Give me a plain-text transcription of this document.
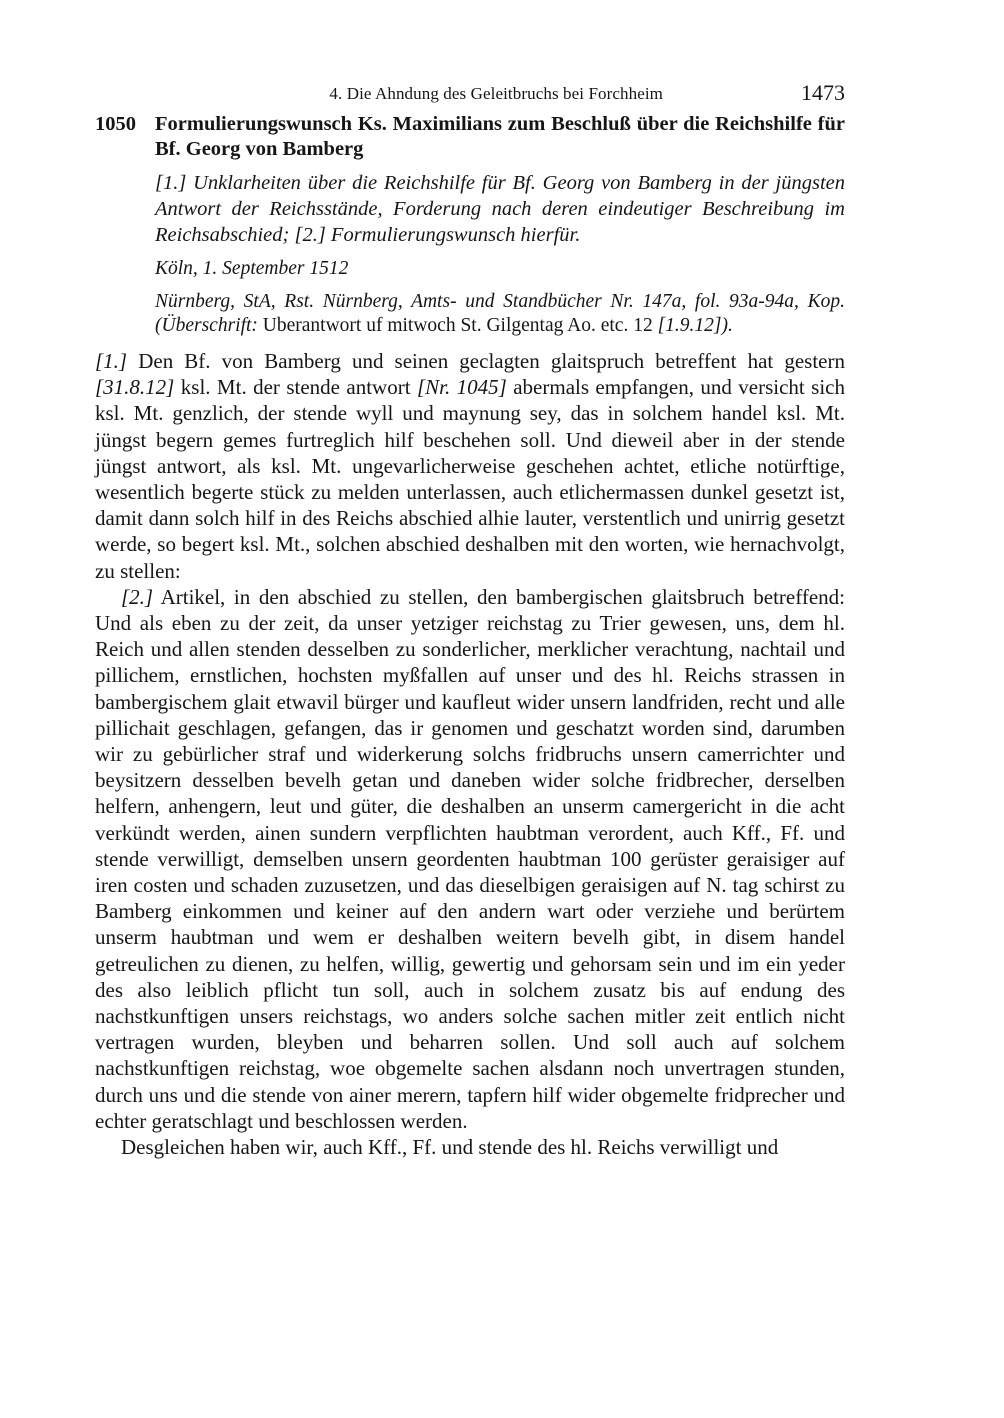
4. Die Ahndung des Geleitbruchs bei Forchheim	1473
1050 Formulierungswunsch Ks. Maximilians zum Beschluß über die Reichshilfe für Bf. Georg von Bamberg

[1.] Unklarheiten über die Reichshilfe für Bf. Georg von Bamberg in der jüngsten Antwort der Reichsstände, Forderung nach deren eindeutiger Beschreibung im Reichsabschied; [2.] Formulierungswunsch hierfür.

Köln, 1. September 1512

Nürnberg, StA, Rst. Nürnberg, Amts- und Standbücher Nr. 147a, fol. 93a-94a, Kop. (Überschrift: Uberantwort uf mitwoch St. Gilgentag Ao. etc. 12 [1.9.12]).

[1.] Den Bf. von Bamberg und seinen geclagten glaitspruch betreffent hat gestern [31.8.12] ksl. Mt. der stende antwort [Nr. 1045] abermals empfangen, und versicht sich ksl. Mt. genzlich, der stende wyll und maynung sey, das in solchem handel ksl. Mt. jüngst begern gemes furtreglich hilf beschehen soll. Und dieweil aber in der stende jüngst antwort, als ksl. Mt. ungevarlicherweise geschehen achtet, etliche notürftige, wesentlich begerte stück zu melden unterlassen, auch etlichermassen dunkel gesetzt ist, damit dann solch hilf in des Reichs abschied alhie lauter, verstentlich und unirrig gesetzt werde, so begert ksl. Mt., solchen abschied deshalben mit den worten, wie hernachvolgt, zu stellen:

[2.] Artikel, in den abschied zu stellen, den bambergischen glaitsbruch betreffend: Und als eben zu der zeit, da unser yetziger reichstag zu Trier gewesen, uns, dem hl. Reich und allen stenden desselben zu sonderlicher, merklicher verachtung, nachtail und pillichem, ernstlichen, hochsten myßfallen auf unser und des hl. Reichs strassen in bambergischem glait etwavil bürger und kaufleut wider unsern landfriden, recht und alle pillichait geschlagen, gefangen, das ir genomen und geschatzt worden sind, darumben wir zu gebürlicher straf und widerkerung solchs fridbruchs unsern camerrichter und beysitzern desselben bevelh getan und daneben wider solche fridbrecher, derselben helfern, anhengern, leut und güter, die deshalben an unserm camergericht in die acht verkündt werden, ainen sundern verpflichten haubtman verordent, auch Kff., Ff. und stende verwilligt, demselben unsern geordenten haubtman 100 gerüster geraisiger auf iren costen und schaden zuzusetzen, und das dieselbigen geraisigen auf N. tag schirst zu Bamberg einkommen und keiner auf den andern wart oder verziehe und berürtem unserm haubtman und wem er deshalben weitern bevelh gibt, in disem handel getreulichen zu dienen, zu helfen, willig, gewertig und gehorsam sein und im ein yeder des also leiblich pflicht tun soll, auch in solchem zusatz bis auf endung des nachstkunftigen unsers reichstags, wo anders solche sachen mitler zeit entlich nicht vertragen wurden, bleyben und beharren sollen. Und soll auch auf solchem nachstkunftigen reichstag, woe obgemelte sachen alsdann noch unvertragen stunden, durch uns und die stende von ainer merern, tapfern hilf wider obgemelte fridprecher und echter geratschlagt und beschlossen werden.

Desgleichen haben wir, auch Kff., Ff. und stende des hl. Reichs verwilligt und
